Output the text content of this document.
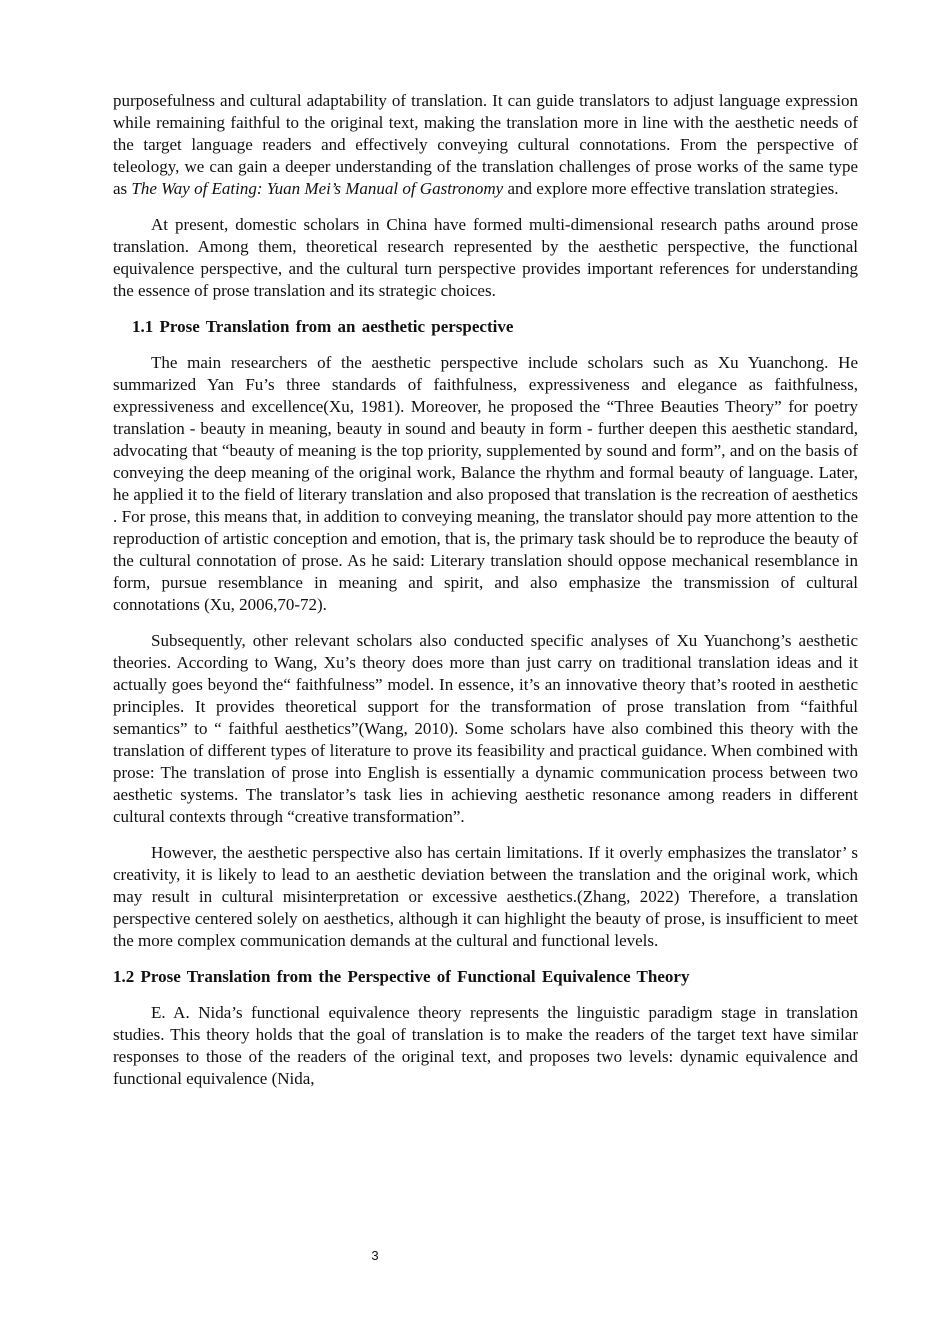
purposefulness and cultural adaptability of translation. It can guide translators to adjust language expression while remaining faithful to the original text, making the translation more in line with the aesthetic needs of the target language readers and effectively conveying cultural connotations. From the perspective of teleology, we can gain a deeper understanding of the translation challenges of prose works of the same type as The Way of Eating: Yuan Mei’s Manual of Gastronomy and explore more effective translation strategies.

At present, domestic scholars in China have formed multi-dimensional research paths around prose translation. Among them, theoretical research represented by the aesthetic perspective, the functional equivalence perspective, and the cultural turn perspective provides important references for understanding the essence of prose translation and its strategic choices.

1.1 Prose Translation from an aesthetic perspective

The main researchers of the aesthetic perspective include scholars such as Xu Yuanchong. He summarized Yan Fu’s three standards of faithfulness, expressiveness and elegance as faithfulness, expressiveness and excellence(Xu, 1981). Moreover, he proposed the “Three Beauties Theory” for poetry translation - beauty in meaning, beauty in sound and beauty in form - further deepen this aesthetic standard, advocating that “beauty of meaning is the top priority, supplemented by sound and form”, and on the basis of conveying the deep meaning of the original work, Balance the rhythm and formal beauty of language. Later, he applied it to the field of literary translation and also proposed that translation is the recreation of aesthetics . For prose, this means that, in addition to conveying meaning, the translator should pay more attention to the reproduction of artistic conception and emotion, that is, the primary task should be to reproduce the beauty of the cultural connotation of prose. As he said: Literary translation should oppose mechanical resemblance in form, pursue resemblance in meaning and spirit, and also emphasize the transmission of cultural connotations (Xu, 2006,70-72).

Subsequently, other relevant scholars also conducted specific analyses of Xu Yuanchong’s aesthetic theories. According to Wang, Xu’s theory does more than just carry on traditional translation ideas and it actually goes beyond the“ faithfulness” model. In essence, it’s an innovative theory that’s rooted in aesthetic principles. It provides theoretical support for the transformation of prose translation from “faithful semantics” to “ faithful aesthetics”(Wang, 2010). Some scholars have also combined this theory with the translation of different types of literature to prove its feasibility and practical guidance. When combined with prose: The translation of prose into English is essentially a dynamic communication process between two aesthetic systems. The translator’s task lies in achieving aesthetic resonance among readers in different cultural contexts through “creative transformation”.

However, the aesthetic perspective also has certain limitations. If it overly emphasizes the translator’ s creativity, it is likely to lead to an aesthetic deviation between the translation and the original work, which may result in cultural misinterpretation or excessive aesthetics.(Zhang, 2022) Therefore, a translation perspective centered solely on aesthetics, although it can highlight the beauty of prose, is insufficient to meet the more complex communication demands at the cultural and functional levels.

1.2 Prose Translation from the Perspective of Functional Equivalence Theory

E. A. Nida’s functional equivalence theory represents the linguistic paradigm stage in translation studies. This theory holds that the goal of translation is to make the readers of the target text have similar responses to those of the readers of the original text, and proposes two levels: dynamic equivalence and functional equivalence (Nida,

3
